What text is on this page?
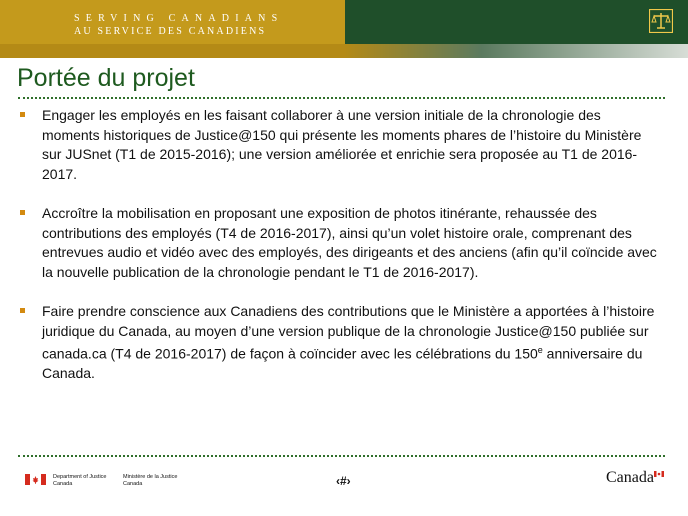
SERVING CANADIANS
AU SERVICE DES CANADIENS
Portée du projet
Engager les employés en les faisant collaborer à une version initiale de la chronologie des moments historiques de Justice@150 qui présente les moments phares de l’histoire du Ministère sur JUSnet (T1 de 2015-2016); une version améliorée et enrichie sera proposée au T1 de 2016-2017.
Accroître la mobilisation en proposant une exposition de photos itinérante, rehaussée des contributions des employés (T4 de 2016-2017), ainsi qu’un volet histoire orale, comprenant des entrevues audio et vidéo avec des employés, des dirigeants et des anciens (afin qu’il coïncide avec la nouvelle publication de la chronologie pendant le T1 de 2016-2017).
Faire prendre conscience aux Canadiens des contributions que le Ministère a apportées à l’histoire juridique du Canada, au moyen d’une version publique de la chronologie Justice@150 publiée sur canada.ca (T4 de 2016-2017) de façon à coïncider avec les célébrations du 150e anniversaire du Canada.
Department of Justice
Canada
Ministère de la Justice
Canada	‹#›	Canada
